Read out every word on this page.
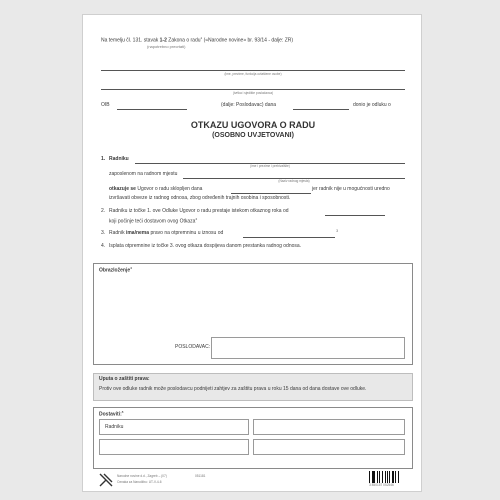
Na temelju čl. 131. stavak 1-2 Zakona o radu$^1$ («Narodne novine» br. 93/14 - dalje: ZR)
(napotrebno precrtati)
(ime, prezime, funkcija ovlaštene osobe)
(tvrtka i sjedište poslodavca)
OIB	(dalje: Poslodavac) dana	donio je odluku o
OTKAZU UGOVORA O RADU
(OSOBNO UVJETOVANI)
1. Radniku
(ime i prezime i prebivalište)
zaposlenom na radnom mjestu
(Naziv radnog mjesta)
otkazuje se Ugovor o radu sklopljen dana	jer radnik nije u mogućnosti uredno
izvršavati obveze iz radnog odnosa, zbog određenih trajnih osobina i sposobnosti.
2. Radniku iz točke 1. ove Odluke Ugovor o radu prestaje istekom otkaznog roka od
koji počinje teći dostavom ovog Otkaza$^2$
3. Radnik ima/nema pravo na otpremninu u iznosu od	3
4. Isplata otpremnine iz točke 3. ovog otkaza dospijeva danom prestanka radnog odnosa.
Obrazloženje$^4$
POSLODAVAC:
Uputa o zaštiti prava:
Protiv ove odluke radnik može poslodavcu podnijeti zahtjev za zaštitu prava u roku 15 dana od dana dostave ove odluke.
Dostaviti:$^5$
Radniku
Narodne novine d.d., Zagreb – (07)
Oznaka za Narudžbu: UT-V-4-6
051181
3 850157 052546
